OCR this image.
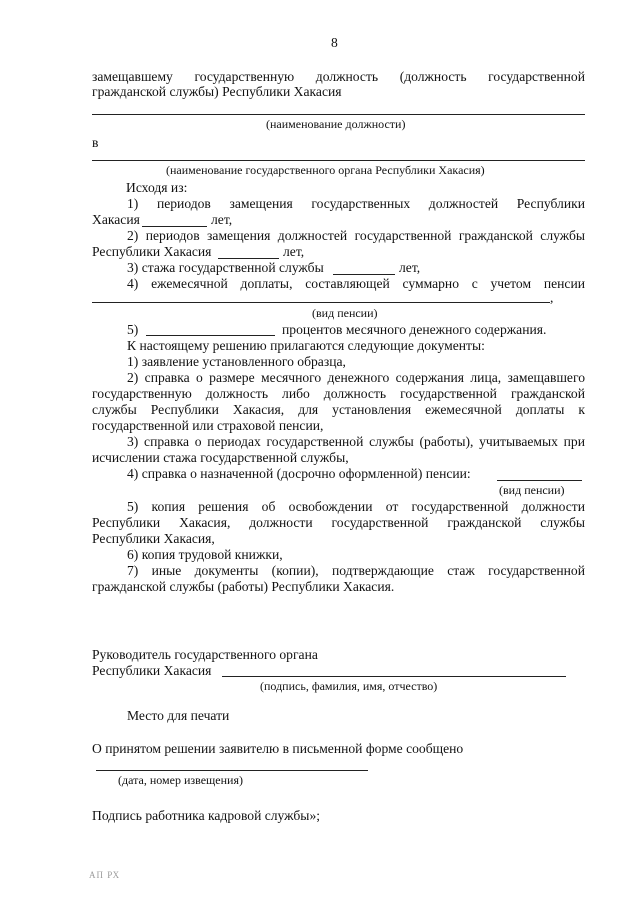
8
замещавшему государственную должность (должность государственной
гражданской службы) Республики Хакасия
(наименование должности)
в
(наименование государственного органа Республики Хакасия)
Исходя из:
1) периодов замещения государственных должностей Республики
Хакасия	лет,
2) периодов замещения должностей государственной гражданской службы
Республики Хакасия	лет,
3) стажа государственной службы	лет,
4) ежемесячной доплаты, составляющей суммарно с учетом пенсии
,
(вид пенсии)
5)	процентов месячного денежного содержания.
К настоящему решению прилагаются следующие документы:
1) заявление установленного образца,
2) справка о размере месячного денежного содержания лица, замещавшего
государственную должность либо должность государственной гражданской
службы Республики Хакасия, для установления ежемесячной доплаты к
государственной или страховой пенсии,
3) справка о периодах государственной службы (работы), учитываемых при
исчислении стажа государственной службы,
4) справка о назначенной (досрочно оформленной) пенсии:
(вид пенсии)
5) копия решения об освобождении от государственной должности
Республики Хакасия, должности государственной гражданской службы
Республики Хакасия,
6) копия трудовой книжки,
7) иные документы (копии), подтверждающие стаж государственной
гражданской службы (работы) Республики Хакасия.
Руководитель государственного органа
Республики Хакасия
(подпись, фамилия, имя, отчество)
Место для печати
О принятом решении заявителю в письменной форме сообщено
(дата, номер извещения)
Подпись работника кадровой службы»;
АП РХ
